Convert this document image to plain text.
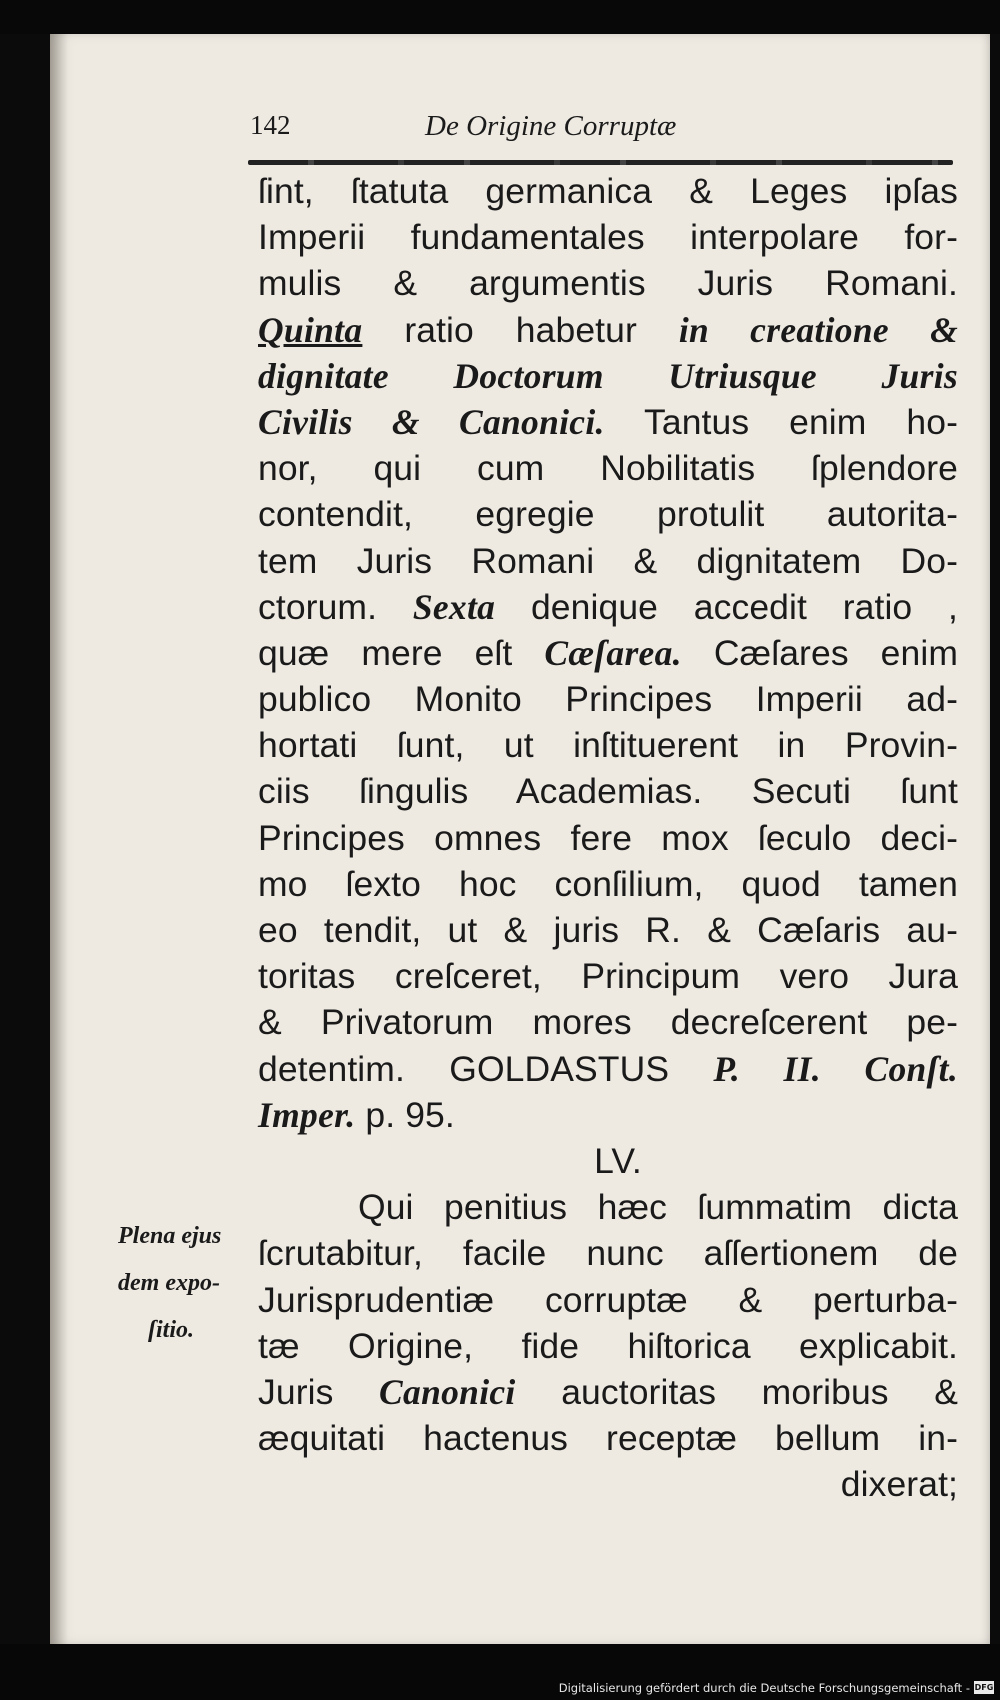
142	De Origine Corruptæ
ſint, ſtatuta germanica & Leges ipſas
Imperii fundamentales interpolare for-
mulis & argumentis Juris Romani.
Quinta ratio habetur in creatione &
dignitate Doctorum Utriusque Juris
Civilis & Canonici. Tantus enim ho-
nor, qui cum Nobilitatis ſplendore
contendit, egregie protulit autorita-
tem Juris Romani & dignitatem Do-
ctorum. Sexta denique accedit ratio ,
quæ mere eſt Cæſarea. Cæſares enim
publico Monito Principes Imperii ad-
hortati ſunt, ut inſtituerent in Provin-
ciis ſingulis Academias. Secuti ſunt
Principes omnes fere mox ſeculo deci-
mo ſexto hoc conſilium, quod tamen
eo tendit, ut & juris R. & Cæſaris au-
toritas creſceret, Principum vero Jura
& Privatorum mores decreſcerent pe-
detentim. GOLDASTUS P. II. Conſt.
Imper. p. 95.
LV.
Qui penitius hæc ſummatim dicta
ſcrutabitur, facile nunc aſſertionem de
Jurisprudentiæ corruptæ & perturba-
tæ Origine, fide hiſtorica explicabit.
Juris Canonici auctoritas moribus &
æquitati hactenus receptæ bellum in-
dixerat;
Plena ejus
dem expo-
ſitio.
Digitalisierung gefördert durch die Deutsche Forschungsgemeinschaft - DFG
